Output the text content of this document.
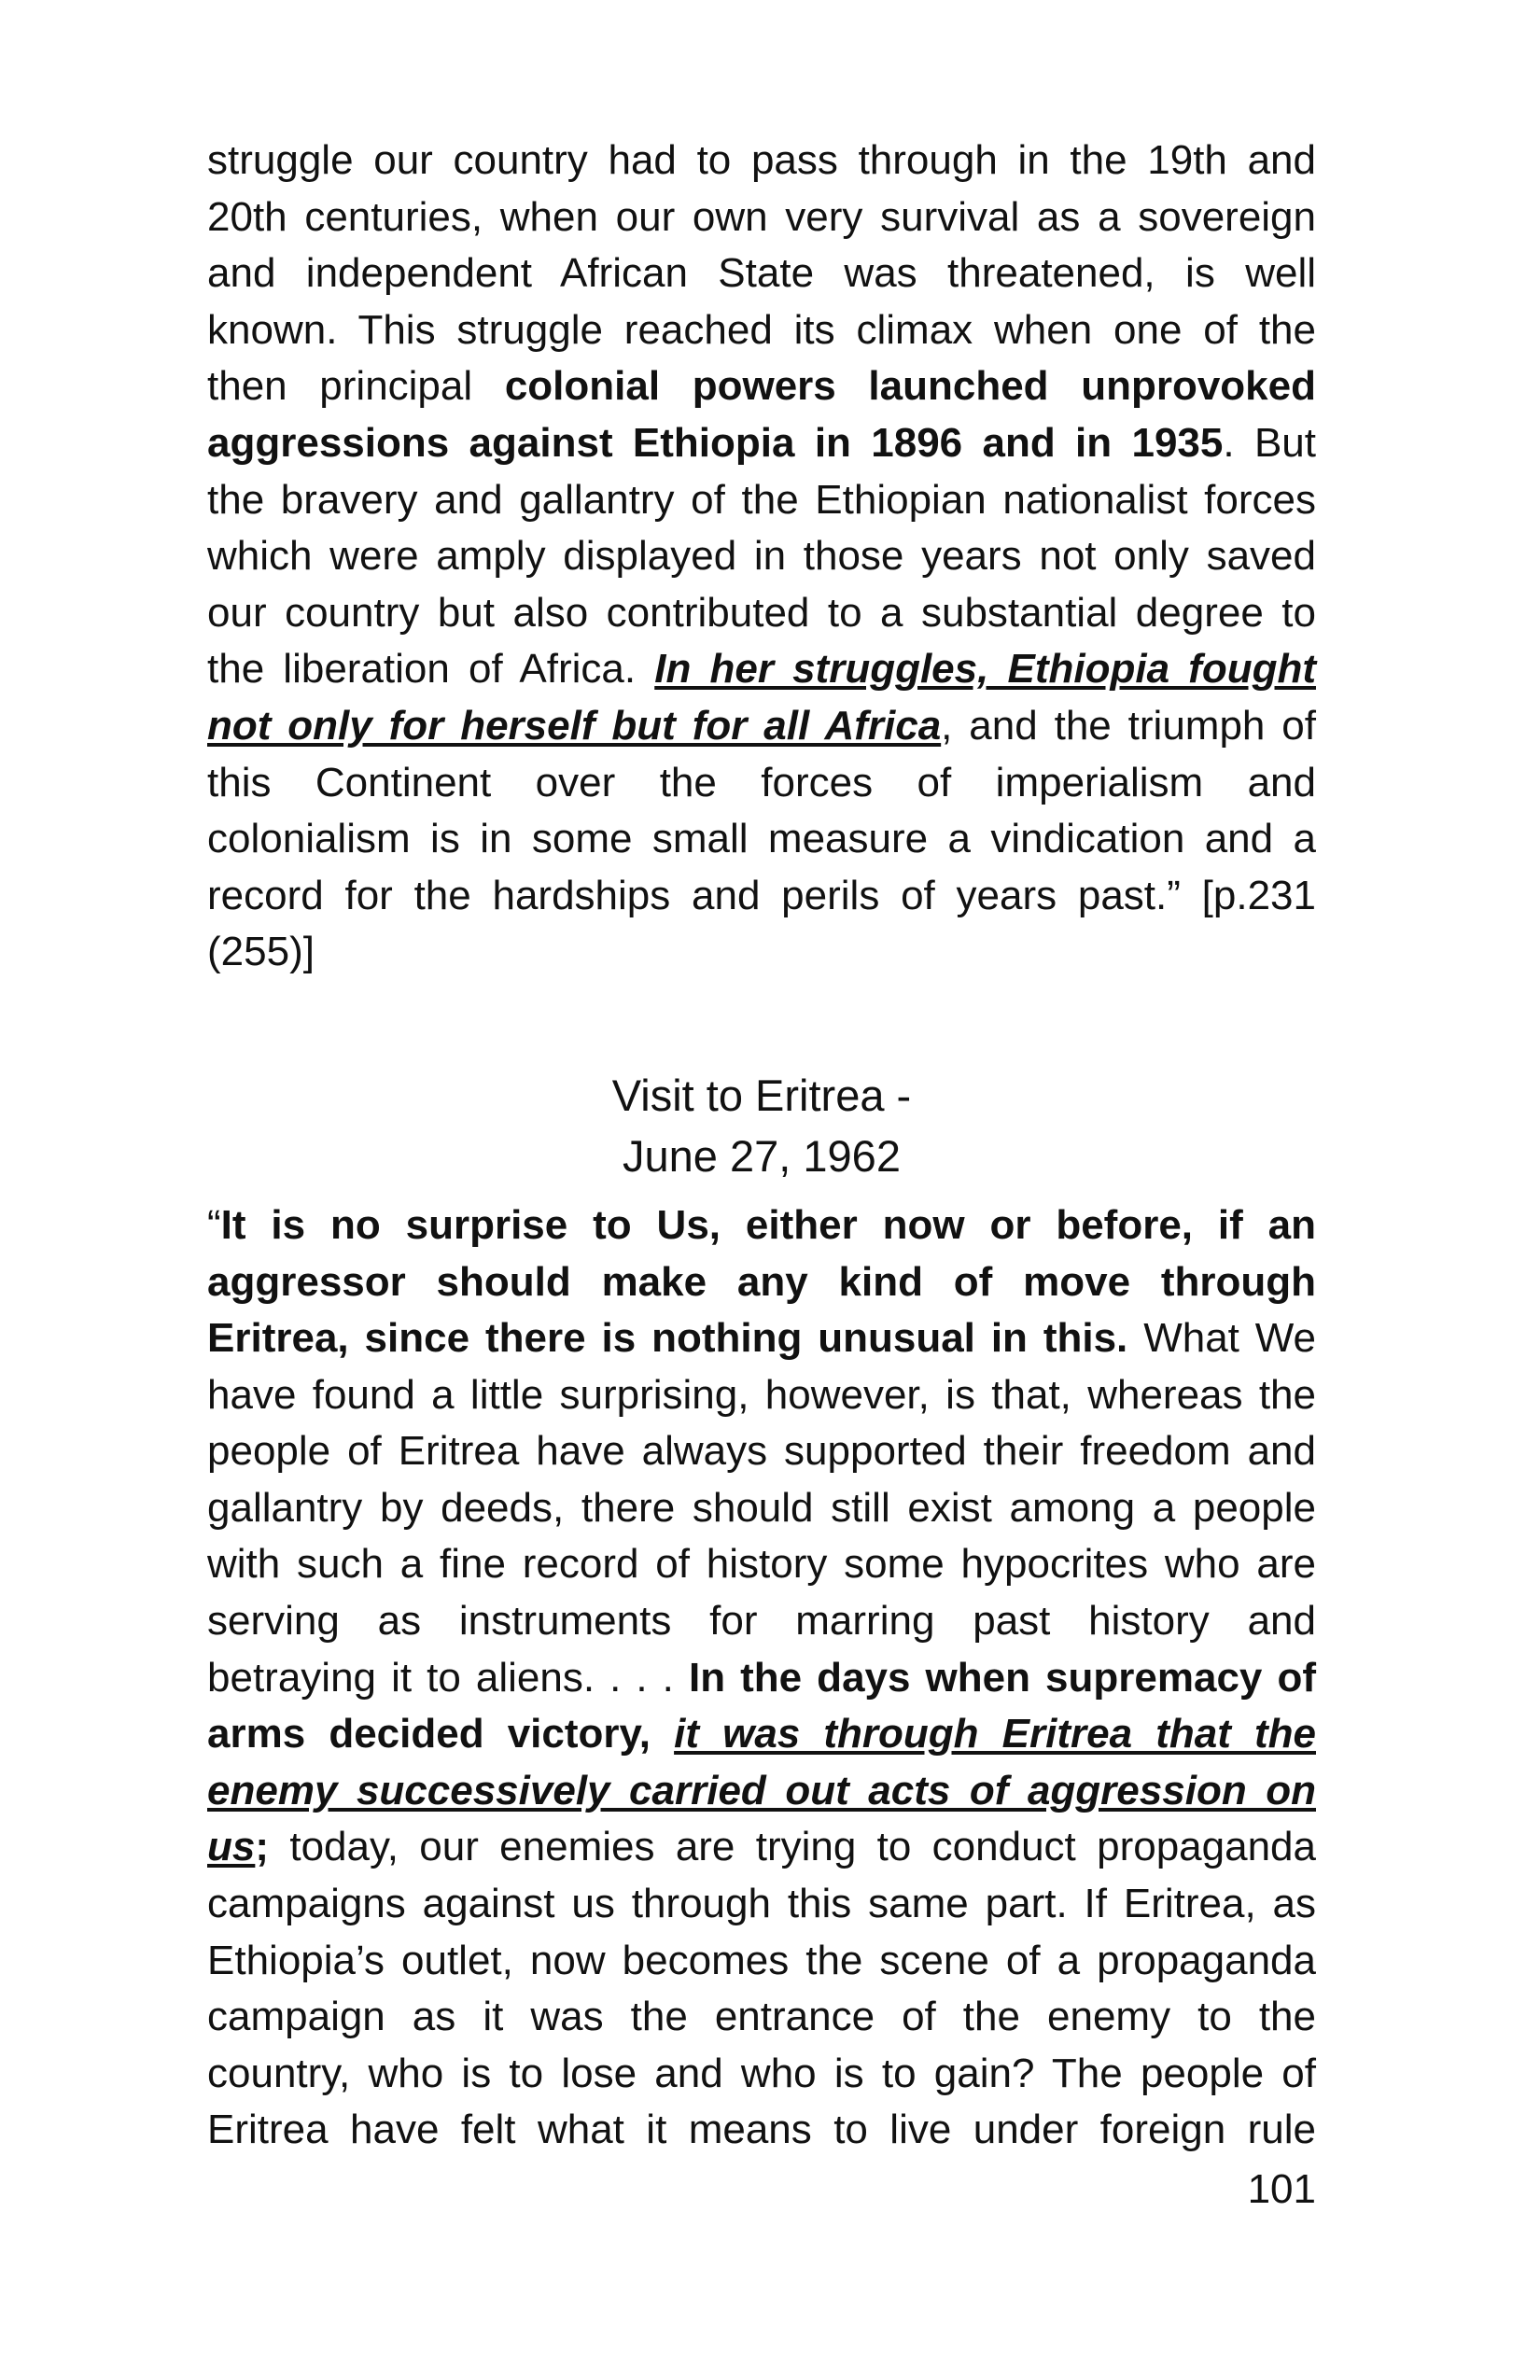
struggle our country had to pass through in the 19th and
20th centuries, when our own very survival as a sovereign
and independent African State was threatened, is well
known. This struggle reached its climax when one of the
then principal colonial powers launched unprovoked
aggressions against Ethiopia in 1896 and in 1935. But
the bravery and gallantry of the Ethiopian nationalist forces
which were amply displayed in those years not only saved
our country but also contributed to a substantial degree to
the liberation of Africa. In her struggles, Ethiopia fought
not only for herself but for all Africa, and the triumph of
this Continent over the forces of imperialism and
colonialism is in some small measure a vindication and a
record for the hardships and perils of years past.” [p.231
(255)]
Visit to Eritrea -
June 27, 1962
“It is no surprise to Us, either now or before, if an
aggressor should make any kind of move through
Eritrea, since there is nothing unusual in this. What We
have found a little surprising, however, is that, whereas the
people of Eritrea have always supported their freedom and
gallantry by deeds, there should still exist among a people
with such a fine record of history some hypocrites who are
serving as instruments for marring past history and
betraying it to aliens. . . . In the days when supremacy of
arms decided victory, it was through Eritrea that the
enemy successively carried out acts of aggression on
us; today, our enemies are trying to conduct propaganda
campaigns against us through this same part. If Eritrea, as
Ethiopia’s outlet, now becomes the scene of a propaganda
campaign as it was the entrance of the enemy to the
country, who is to lose and who is to gain? The people of
Eritrea have felt what it means to live under foreign rule
101
